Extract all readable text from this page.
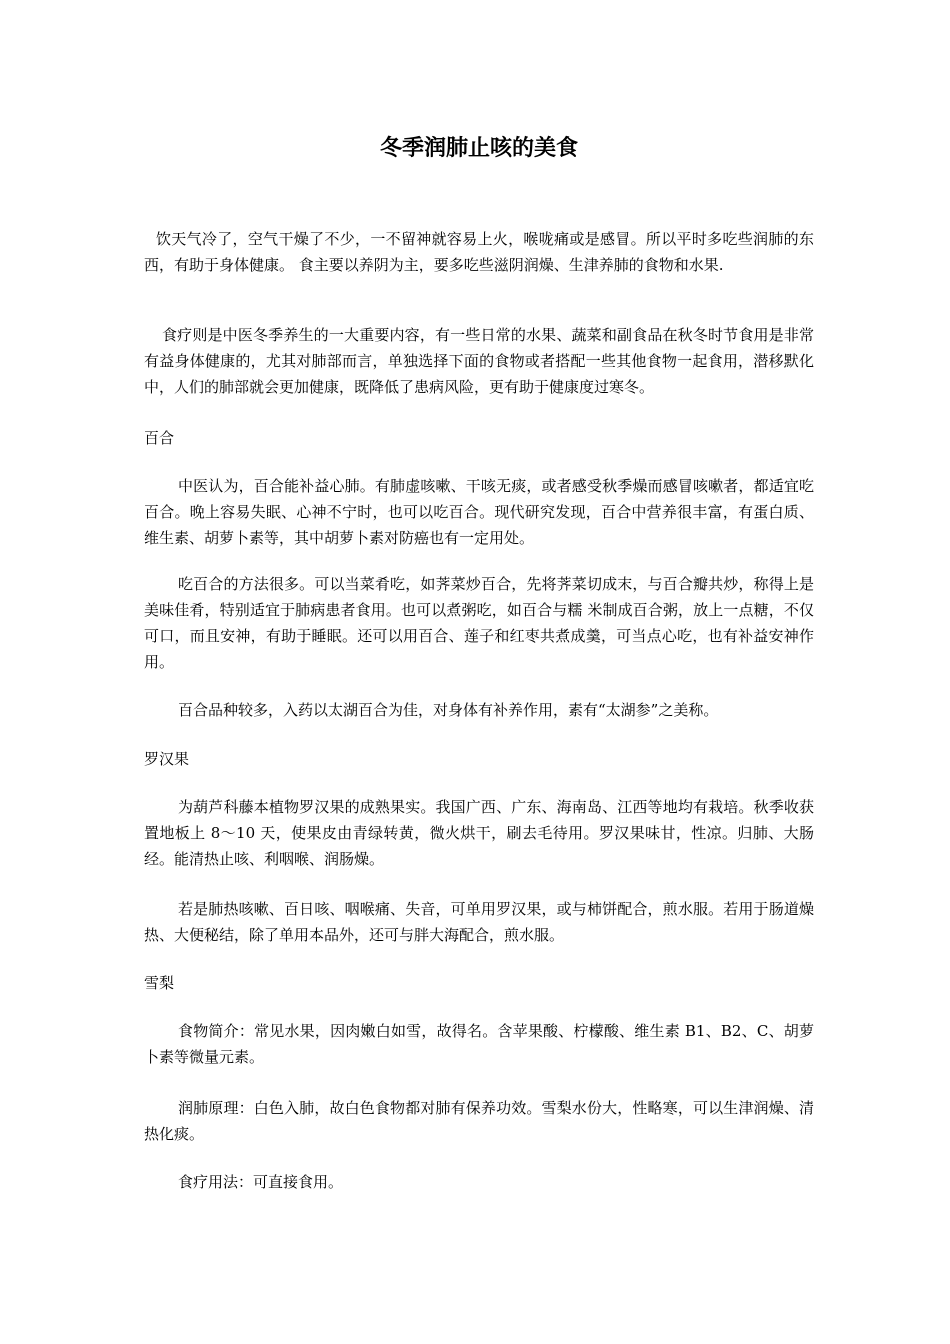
冬季润肺止咳的美食

饮天气冷了，空气干燥了不少，一不留神就容易上火，喉咙痛或是感冒。所以平时多吃些润肺的东西，有助于身体健康。 食主要以养阴为主，要多吃些滋阴润燥、生津养肺的食物和水果.

食疗则是中医冬季养生的一大重要内容，有一些日常的水果、蔬菜和副食品在秋冬时节食用是非常有益身体健康的，尤其对肺部而言，单独选择下面的食物或者搭配一些其他食物一起食用，潜移默化中，人们的肺部就会更加健康，既降低了患病风险，更有助于健康度过寒冬。

百合

中医认为，百合能补益心肺。有肺虚咳嗽、干咳无痰，或者感受秋季燥而感冒咳嗽者，都适宜吃百合。晚上容易失眠、心神不宁时，也可以吃百合。现代研究发现，百合中营养很丰富，有蛋白质、维生素、胡萝卜素等，其中胡萝卜素对防癌也有一定用处。

吃百合的方法很多。可以当菜肴吃，如荠菜炒百合，先将荠菜切成末，与百合瓣共炒，称得上是美味佳肴，特别适宜于肺病患者食用。也可以煮粥吃，如百合与糯 米制成百合粥，放上一点糖，不仅可口，而且安神，有助于睡眠。还可以用百合、莲子和红枣共煮成羹，可当点心吃，也有补益安神作用。

百合品种较多，入药以太湖百合为佳，对身体有补养作用，素有“太湖参”之美称。

罗汉果

为葫芦科藤本植物罗汉果的成熟果实。我国广西、广东、海南岛、江西等地均有栽培。秋季收获置地板上 8～10 天，使果皮由青绿转黄，微火烘干，刷去毛待用。罗汉果味甘，性凉。归肺、大肠经。能清热止咳、利咽喉、润肠燥。

若是肺热咳嗽、百日咳、咽喉痛、失音，可单用罗汉果，或与柿饼配合，煎水服。若用于肠道燥热、大便秘结，除了单用本品外，还可与胖大海配合，煎水服。

雪梨

食物简介：常见水果，因肉嫩白如雪，故得名。含苹果酸、柠檬酸、维生素 B1、B2、C、胡萝卜素等微量元素。

润肺原理：白色入肺，故白色食物都对肺有保养功效。雪梨水份大，性略寒，可以生津润燥、清热化痰。

食疗用法：可直接食用。
